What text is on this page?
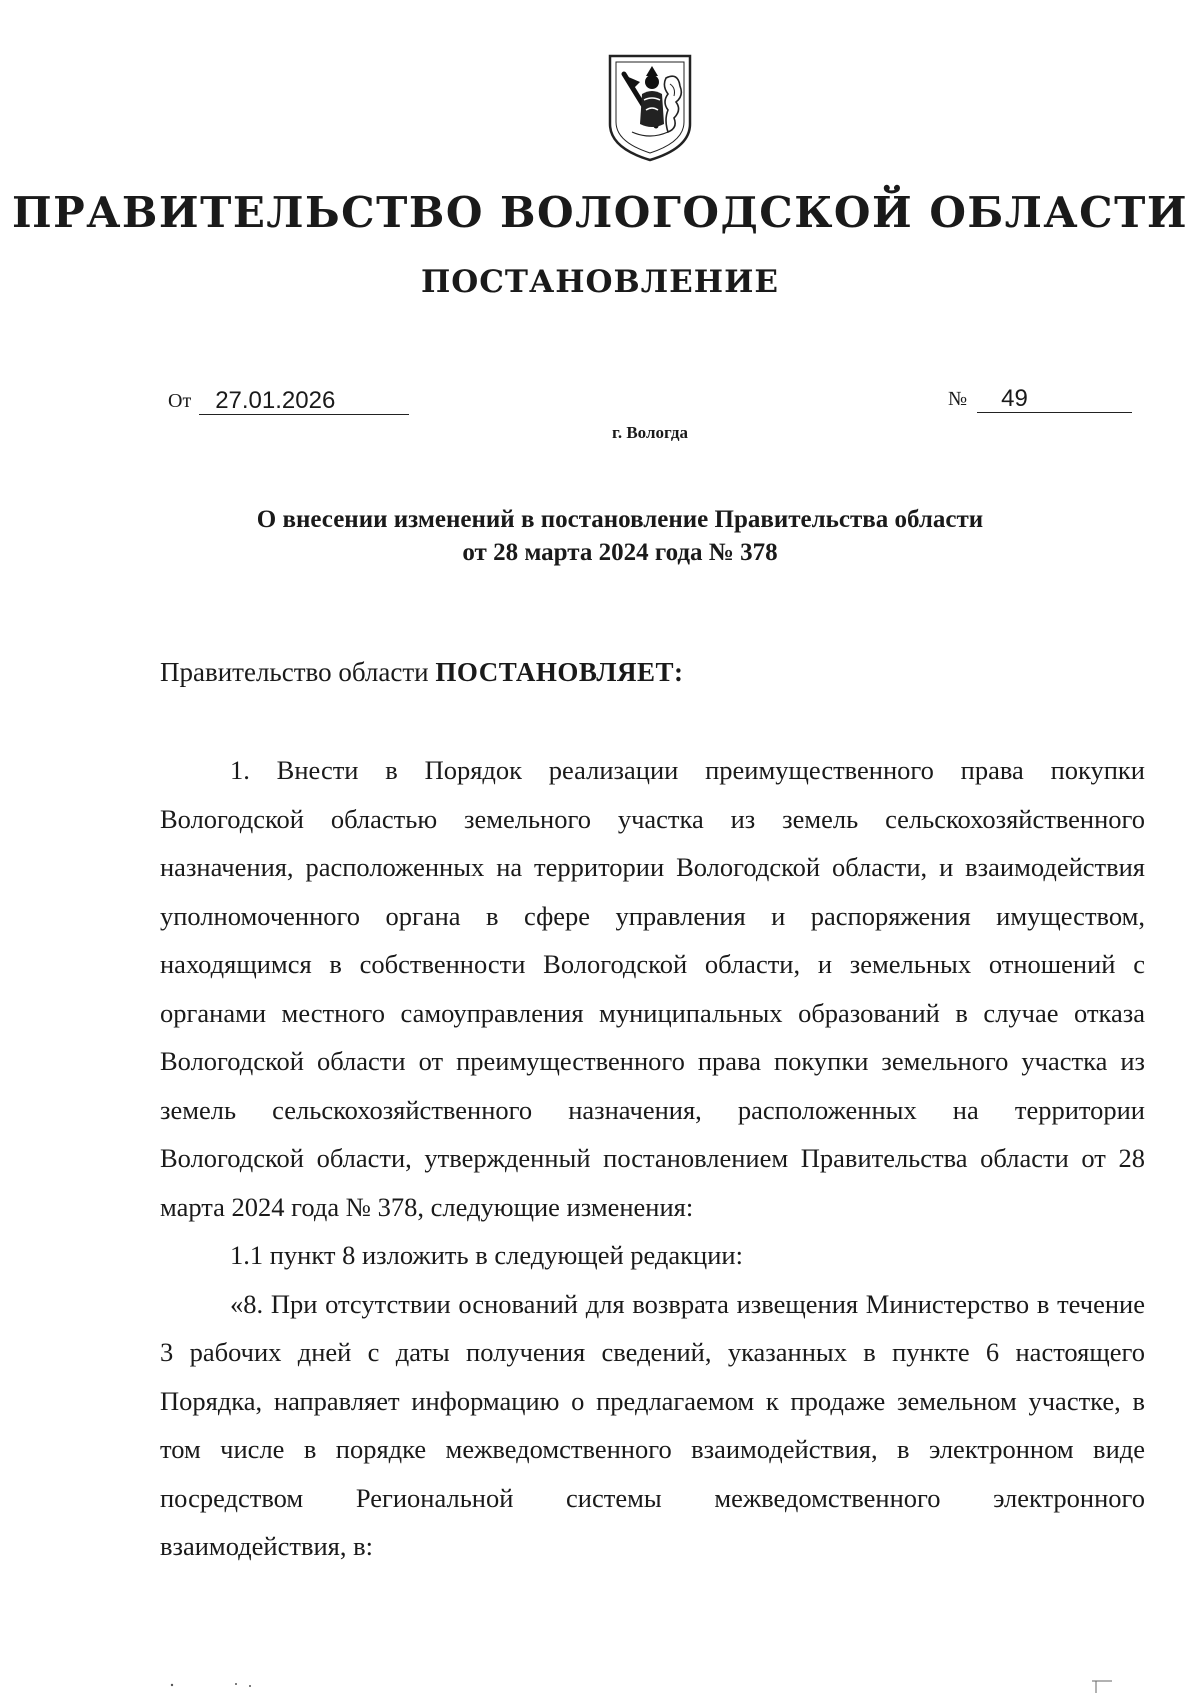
ПРАВИТЕЛЬСТВО ВОЛОГОДСКОЙ ОБЛАСТИ
ПОСТАНОВЛЕНИЕ
От	27.01.2026	№	49
г. Вологда
О внесении изменений в постановление Правительства области
от 28 марта 2024 года № 378
Правительство области ПОСТАНОВЛЯЕТ:

1. Внести в Порядок реализации преимущественного права покупки Вологодской областью земельного участка из земель сельскохозяйственного назначения, расположенных на территории Вологодской области, и взаимодействия уполномоченного органа в сфере управления и распоряжения имуществом, находящимся в собственности Вологодской области, и земельных отношений с органами местного самоуправления муниципальных образований в случае отказа Вологодской области от преимущественного права покупки земельного участка из земель сельскохозяйственного назначения, расположенных на территории Вологодской области, утвержденный постановлением Правительства области от 28 марта 2024 года № 378, следующие изменения:

1.1 пункт 8 изложить в следующей редакции:

«8. При отсутствии оснований для возврата извещения Министерство в течение 3 рабочих дней с даты получения сведений, указанных в пункте 6 настоящего Порядка, направляет информацию о предлагаемом к продаже земельном участке, в том числе в порядке межведомственного взаимодействия, в электронном виде посредством Региональной системы межведомственного электронного взаимодействия, в:
